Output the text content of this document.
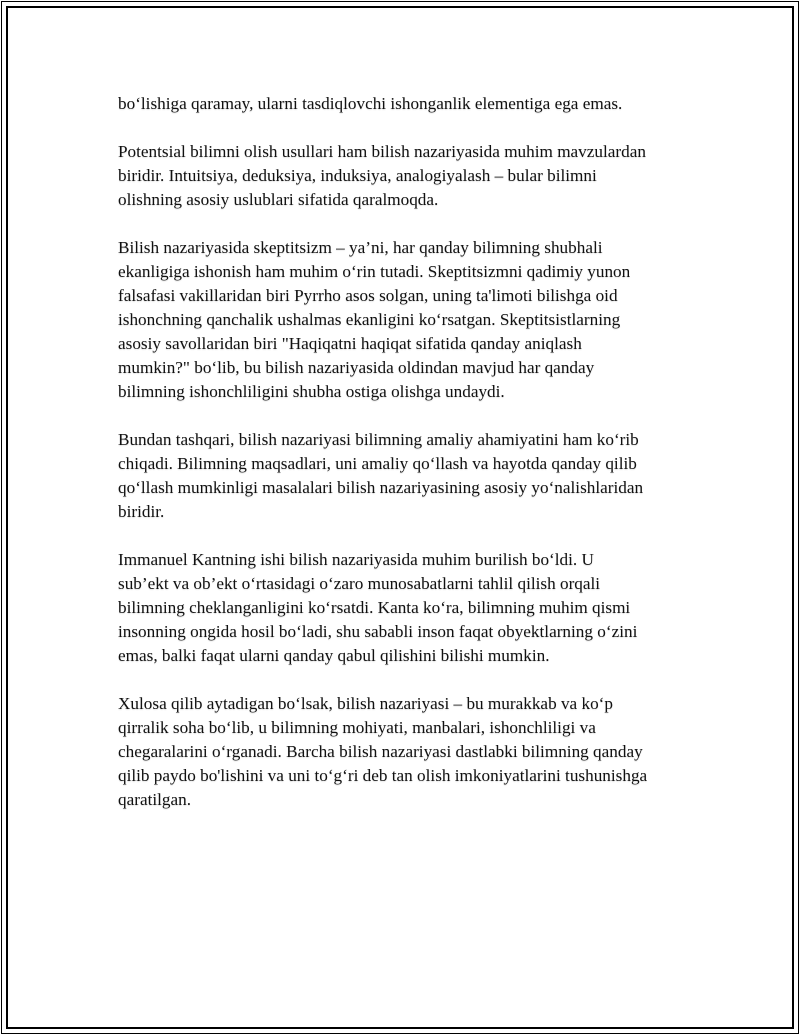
bo‘lishiga qaramay, ularni tasdiqlovchi ishonganlik elementiga ega emas.

Potentsial bilimni olish usullari ham bilish nazariyasida muhim mavzulardan
biridir. Intuitsiya, deduksiya, induksiya, analogiyalash – bular bilimni
olishning asosiy uslublari sifatida qaralmoqda.

Bilish nazariyasida skeptitsizm – ya’ni, har qanday bilimning shubhali
ekanligiga ishonish ham muhim o‘rin tutadi. Skeptitsizmni qadimiy yunon
falsafasi vakillaridan biri Pyrrho asos solgan, uning ta'limoti bilishga oid
ishonchning qanchalik ushalmas ekanligini ko‘rsatgan. Skeptitsistlarning
asosiy savollaridan biri "Haqiqatni haqiqat sifatida qanday aniqlash
mumkin?" bo‘lib, bu bilish nazariyasida oldindan mavjud har qanday
bilimning ishonchliligini shubha ostiga olishga undaydi.

Bundan tashqari, bilish nazariyasi bilimning amaliy ahamiyatini ham ko‘rib
chiqadi. Bilimning maqsadlari, uni amaliy qo‘llash va hayotda qanday qilib
qo‘llash mumkinligi masalalari bilish nazariyasining asosiy yo‘nalishlaridan
biridir.

Immanuel Kantning ishi bilish nazariyasida muhim burilish bo‘ldi. U
sub’ekt va ob’ekt o‘rtasidagi o‘zaro munosabatlarni tahlil qilish orqali
bilimning cheklanganligini ko‘rsatdi. Kanta ko‘ra, bilimning muhim qismi
insonning ongida hosil bo‘ladi, shu sababli inson faqat obyektlarning o‘zini
emas, balki faqat ularni qanday qabul qilishini bilishi mumkin.

Xulosa qilib aytadigan bo‘lsak, bilish nazariyasi – bu murakkab va ko‘p
qirralik soha bo‘lib, u bilimning mohiyati, manbalari, ishonchliligi va
chegaralarini o‘rganadi. Barcha bilish nazariyasi dastlabki bilimning qanday
qilib paydo bo'lishini va uni to‘g‘ri deb tan olish imkoniyatlarini tushunishga
qaratilgan.
